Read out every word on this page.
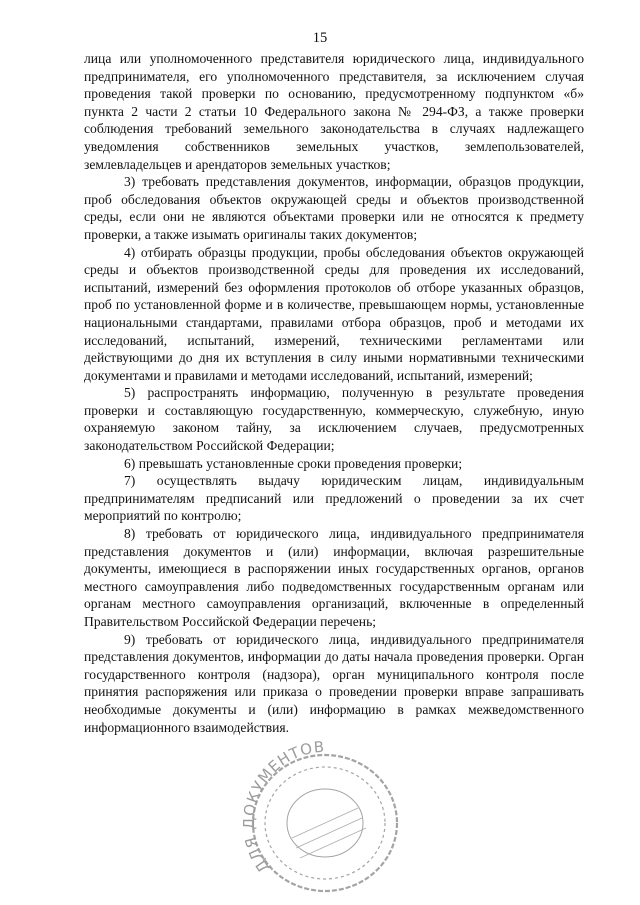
15

лица или уполномоченного представителя юридического лица, индивидуального предпринимателя, его уполномоченного представителя, за исключением случая проведения такой проверки по основанию, предусмотренному подпунктом «б» пункта 2 части 2 статьи 10 Федерального закона № 294-ФЗ, а также проверки соблюдения требований земельного законодательства в случаях надлежащего уведомления собственников земельных участков, землепользователей, землевладельцев и арендаторов земельных участков;

3) требовать представления документов, информации, образцов продукции, проб обследования объектов окружающей среды и объектов производственной среды, если они не являются объектами проверки или не относятся к предмету проверки, а также изымать оригиналы таких документов;

4) отбирать образцы продукции, пробы обследования объектов окружающей среды и объектов производственной среды для проведения их исследований, испытаний, измерений без оформления протоколов об отборе указанных образцов, проб по установленной форме и в количестве, превышающем нормы, установленные национальными стандартами, правилами отбора образцов, проб и методами их исследований, испытаний, измерений, техническими регламентами или действующими до дня их вступления в силу иными нормативными техническими документами и правилами и методами исследований, испытаний, измерений;

5) распространять информацию, полученную в результате проведения проверки и составляющую государственную, коммерческую, служебную, иную охраняемую законом тайну, за исключением случаев, предусмотренных законодательством Российской Федерации;

6) превышать установленные сроки проведения проверки;

7) осуществлять выдачу юридическим лицам, индивидуальным предпринимателям предписаний или предложений о проведении за их счет мероприятий по контролю;

8) требовать от юридического лица, индивидуального предпринимателя представления документов и (или) информации, включая разрешительные документы, имеющиеся в распоряжении иных государственных органов, органов местного самоуправления либо подведомственных государственным органам или органам местного самоуправления организаций, включенные в определенный Правительством Российской Федерации перечень;

9) требовать от юридического лица, индивидуального предпринимателя представления документов, информации до даты начала проведения проверки. Орган государственного контроля (надзора), орган муниципального контроля после принятия распоряжения или приказа о проведении проверки вправе запрашивать необходимые документы и (или) информацию в рамках межведомственного информационного взаимодействия.

ДЛЯ ДОКУМЕНТОВ
